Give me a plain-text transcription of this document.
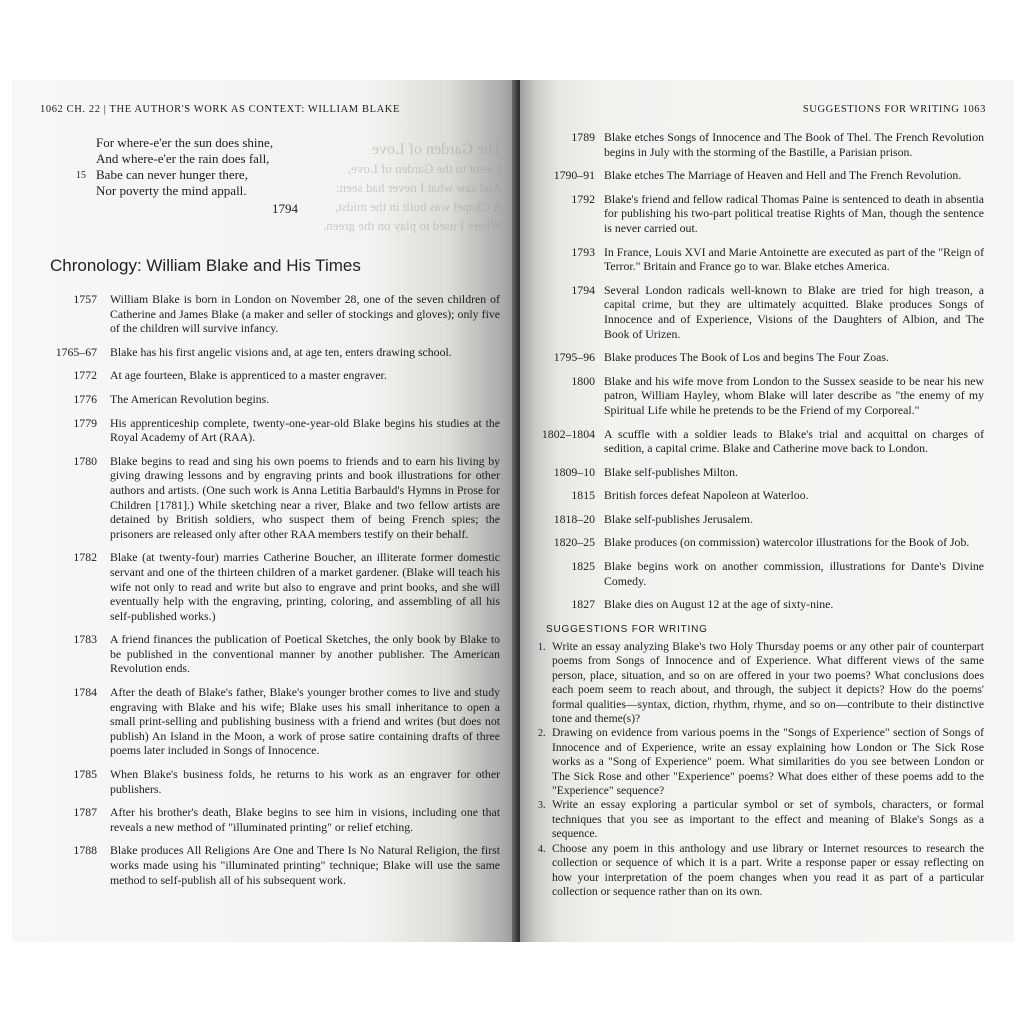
1062 CH. 22 | THE AUTHOR'S WORK AS CONTEXT: WILLIAM BLAKE
The Garden of Love
I went to the Garden of Love,
And saw what I never had seen:
A Chapel was built in the midst,
Where I used to play on the green.
For where-e'er the sun does shine,
And where-e'er the rain does fall,
15 Babe can never hunger there,
Nor poverty the mind appall.
1794
Chronology: William Blake and His Times
1757	William Blake is born in London on November 28, one of the seven children of Catherine and James Blake (a maker and seller of stockings and gloves); only five of the children will survive infancy.
1765–67	Blake has his first angelic visions and, at age ten, enters drawing school.
1772	At age fourteen, Blake is apprenticed to a master engraver.
1776	The American Revolution begins.
1779	His apprenticeship complete, twenty-one-year-old Blake begins his studies at the Royal Academy of Art (RAA).
1780	Blake begins to read and sing his own poems to friends and to earn his living by giving drawing lessons and by engraving prints and book illustrations for other authors and artists. (One such work is Anna Letitia Barbauld's Hymns in Prose for Children [1781].) While sketching near a river, Blake and two fellow artists are detained by British soldiers, who suspect them of being French spies; the prisoners are released only after other RAA members testify on their behalf.
1782	Blake (at twenty-four) marries Catherine Boucher, an illiterate former domestic servant and one of the thirteen children of a market gardener. (Blake will teach his wife not only to read and write but also to engrave and print books, and she will eventually help with the engraving, printing, coloring, and assembling of all his self-published works.)
1783	A friend finances the publication of Poetical Sketches, the only book by Blake to be published in the conventional manner by another publisher. The American Revolution ends.
1784	After the death of Blake's father, Blake's younger brother comes to live and study engraving with Blake and his wife; Blake uses his small inheritance to open a small print-selling and publishing business with a friend and writes (but does not publish) An Island in the Moon, a work of prose satire containing drafts of three poems later included in Songs of Innocence.
1785	When Blake's business folds, he returns to his work as an engraver for other publishers.
1787	After his brother's death, Blake begins to see him in visions, including one that reveals a new method of "illuminated printing" or relief etching.
1788	Blake produces All Religions Are One and There Is No Natural Religion, the first works made using his "illuminated printing" technique; Blake will use the same method to self-publish all of his subsequent work.
SUGGESTIONS FOR WRITING 1063
1789 Blake etches Songs of Innocence and The Book of Thel. The French Revolution begins in July with the storming of the Bastille, a Parisian prison.
1790–91 Blake etches The Marriage of Heaven and Hell and The French Revolution.
1792 Blake's friend and fellow radical Thomas Paine is sentenced to death in absentia for publishing his two-part political treatise Rights of Man, though the sentence is never carried out.
1793 In France, Louis XVI and Marie Antoinette are executed as part of the "Reign of Terror." Britain and France go to war. Blake etches America.
1794 Several London radicals well-known to Blake are tried for high treason, a capital crime, but they are ultimately acquitted. Blake produces Songs of Innocence and of Experience, Visions of the Daughters of Albion, and The Book of Urizen.
1795–96 Blake produces The Book of Los and begins The Four Zoas.
1800 Blake and his wife move from London to the Sussex seaside to be near his new patron, William Hayley, whom Blake will later describe as "the enemy of my Spiritual Life while he pretends to be the Friend of my Corporeal."
1802–1804 A scuffle with a soldier leads to Blake's trial and acquittal on charges of sedition, a capital crime. Blake and Catherine move back to London.
1809–10 Blake self-publishes Milton.
1815 British forces defeat Napoleon at Waterloo.
1818–20 Blake self-publishes Jerusalem.
1820–25 Blake produces (on commission) watercolor illustrations for the Book of Job.
1825 Blake begins work on another commission, illustrations for Dante's Divine Comedy.
1827 Blake dies on August 12 at the age of sixty-nine.
SUGGESTIONS FOR WRITING
1. Write an essay analyzing Blake's two Holy Thursday poems or any other pair of counterpart poems from Songs of Innocence and of Experience. What different views of the same person, place, situation, and so on are offered in your two poems? What conclusions does each poem seem to reach about, and through, the subject it depicts? How do the poems' formal qualities—syntax, diction, rhythm, rhyme, and so on—contribute to their distinctive tone and theme(s)?
2. Drawing on evidence from various poems in the "Songs of Experience" section of Songs of Innocence and of Experience, write an essay explaining how London or The Sick Rose works as a "Song of Experience" poem. What similarities do you see between London or The Sick Rose and other "Experience" poems? What does either of these poems add to the "Experience" sequence?
3. Write an essay exploring a particular symbol or set of symbols, characters, or formal techniques that you see as important to the effect and meaning of Blake's Songs as a sequence.
4. Choose any poem in this anthology and use library or Internet resources to research the collection or sequence of which it is a part. Write a response paper or essay reflecting on how your interpretation of the poem changes when you read it as part of a particular collection or sequence rather than on its own.
